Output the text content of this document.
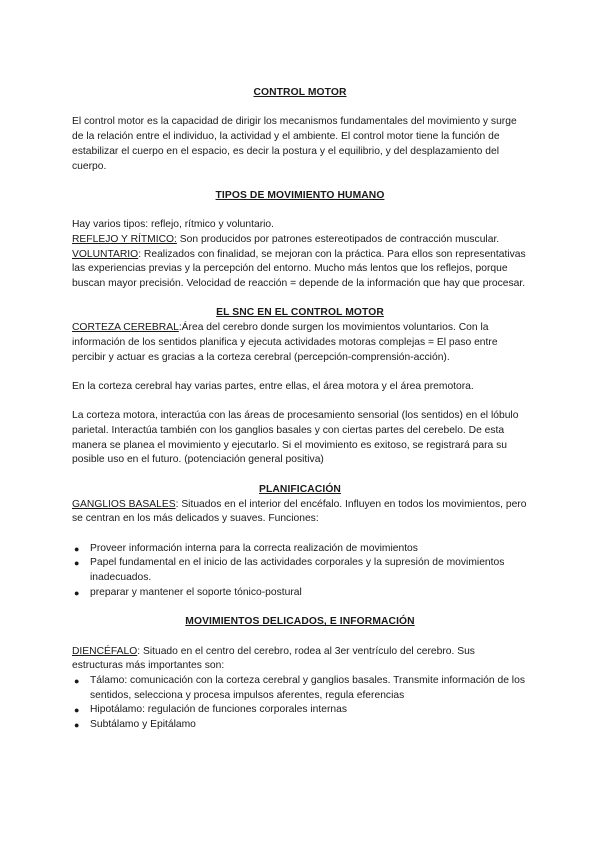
CONTROL MOTOR

El control motor es la capacidad de dirigir los mecanismos fundamentales del movimiento y surge de la relación entre el individuo, la actividad y el ambiente. El control motor tiene la función de estabilizar el cuerpo en el espacio, es decir la postura y el equilibrio, y del desplazamiento del cuerpo.

TIPOS DE MOVIMIENTO HUMANO

Hay varios tipos: reflejo, rítmico y voluntario.

REFLEJO Y RÍTMICO: Son producidos por patrones estereotipados de contracción muscular.

VOLUNTARIO: Realizados con finalidad, se mejoran con la práctica. Para ellos son representativas las experiencias previas y la percepción del entorno. Mucho más lentos que los reflejos, porque buscan mayor precisión. Velocidad de reacción = depende de la información que hay que procesar.

EL SNC EN EL CONTROL MOTOR

CORTEZA CEREBRAL:Área del cerebro donde surgen los movimientos voluntarios. Con la información de los sentidos planifica y ejecuta actividades motoras complejas = El paso entre percibir y actuar es gracias a la corteza cerebral (percepción-comprensión-acción).

En la corteza cerebral hay varias partes, entre ellas, el área motora y el área premotora.

La corteza motora, interactúa con las áreas de procesamiento sensorial (los sentidos) en el lóbulo parietal. Interactúa también con los ganglios basales y con ciertas partes del cerebelo. De esta manera se planea el movimiento y ejecutarlo. Si el movimiento es exitoso, se registrará para su posible uso en el futuro. (potenciación general positiva)

PLANIFICACIÓN

GANGLIOS BASALES: Situados en el interior del encéfalo. Influyen en todos los movimientos, pero se centran en los más delicados y suaves. Funciones:

● Proveer información interna para la correcta realización de movimientos
● Papel fundamental en el inicio de las actividades corporales y la supresión de movimientos inadecuados.
● preparar y mantener el soporte tónico-postural
MOVIMIENTOS DELICADOS, E INFORMACIÓN

DIENCÉFALO: Situado en el centro del cerebro, rodea al 3er ventrículo del cerebro. Sus estructuras más importantes son:

● Tálamo: comunicación con la corteza cerebral y ganglios basales. Transmite información de los sentidos, selecciona y procesa impulsos aferentes, regula eferencias
● Hipotálamo: regulación de funciones corporales internas
● Subtálamo y Epitálamo
